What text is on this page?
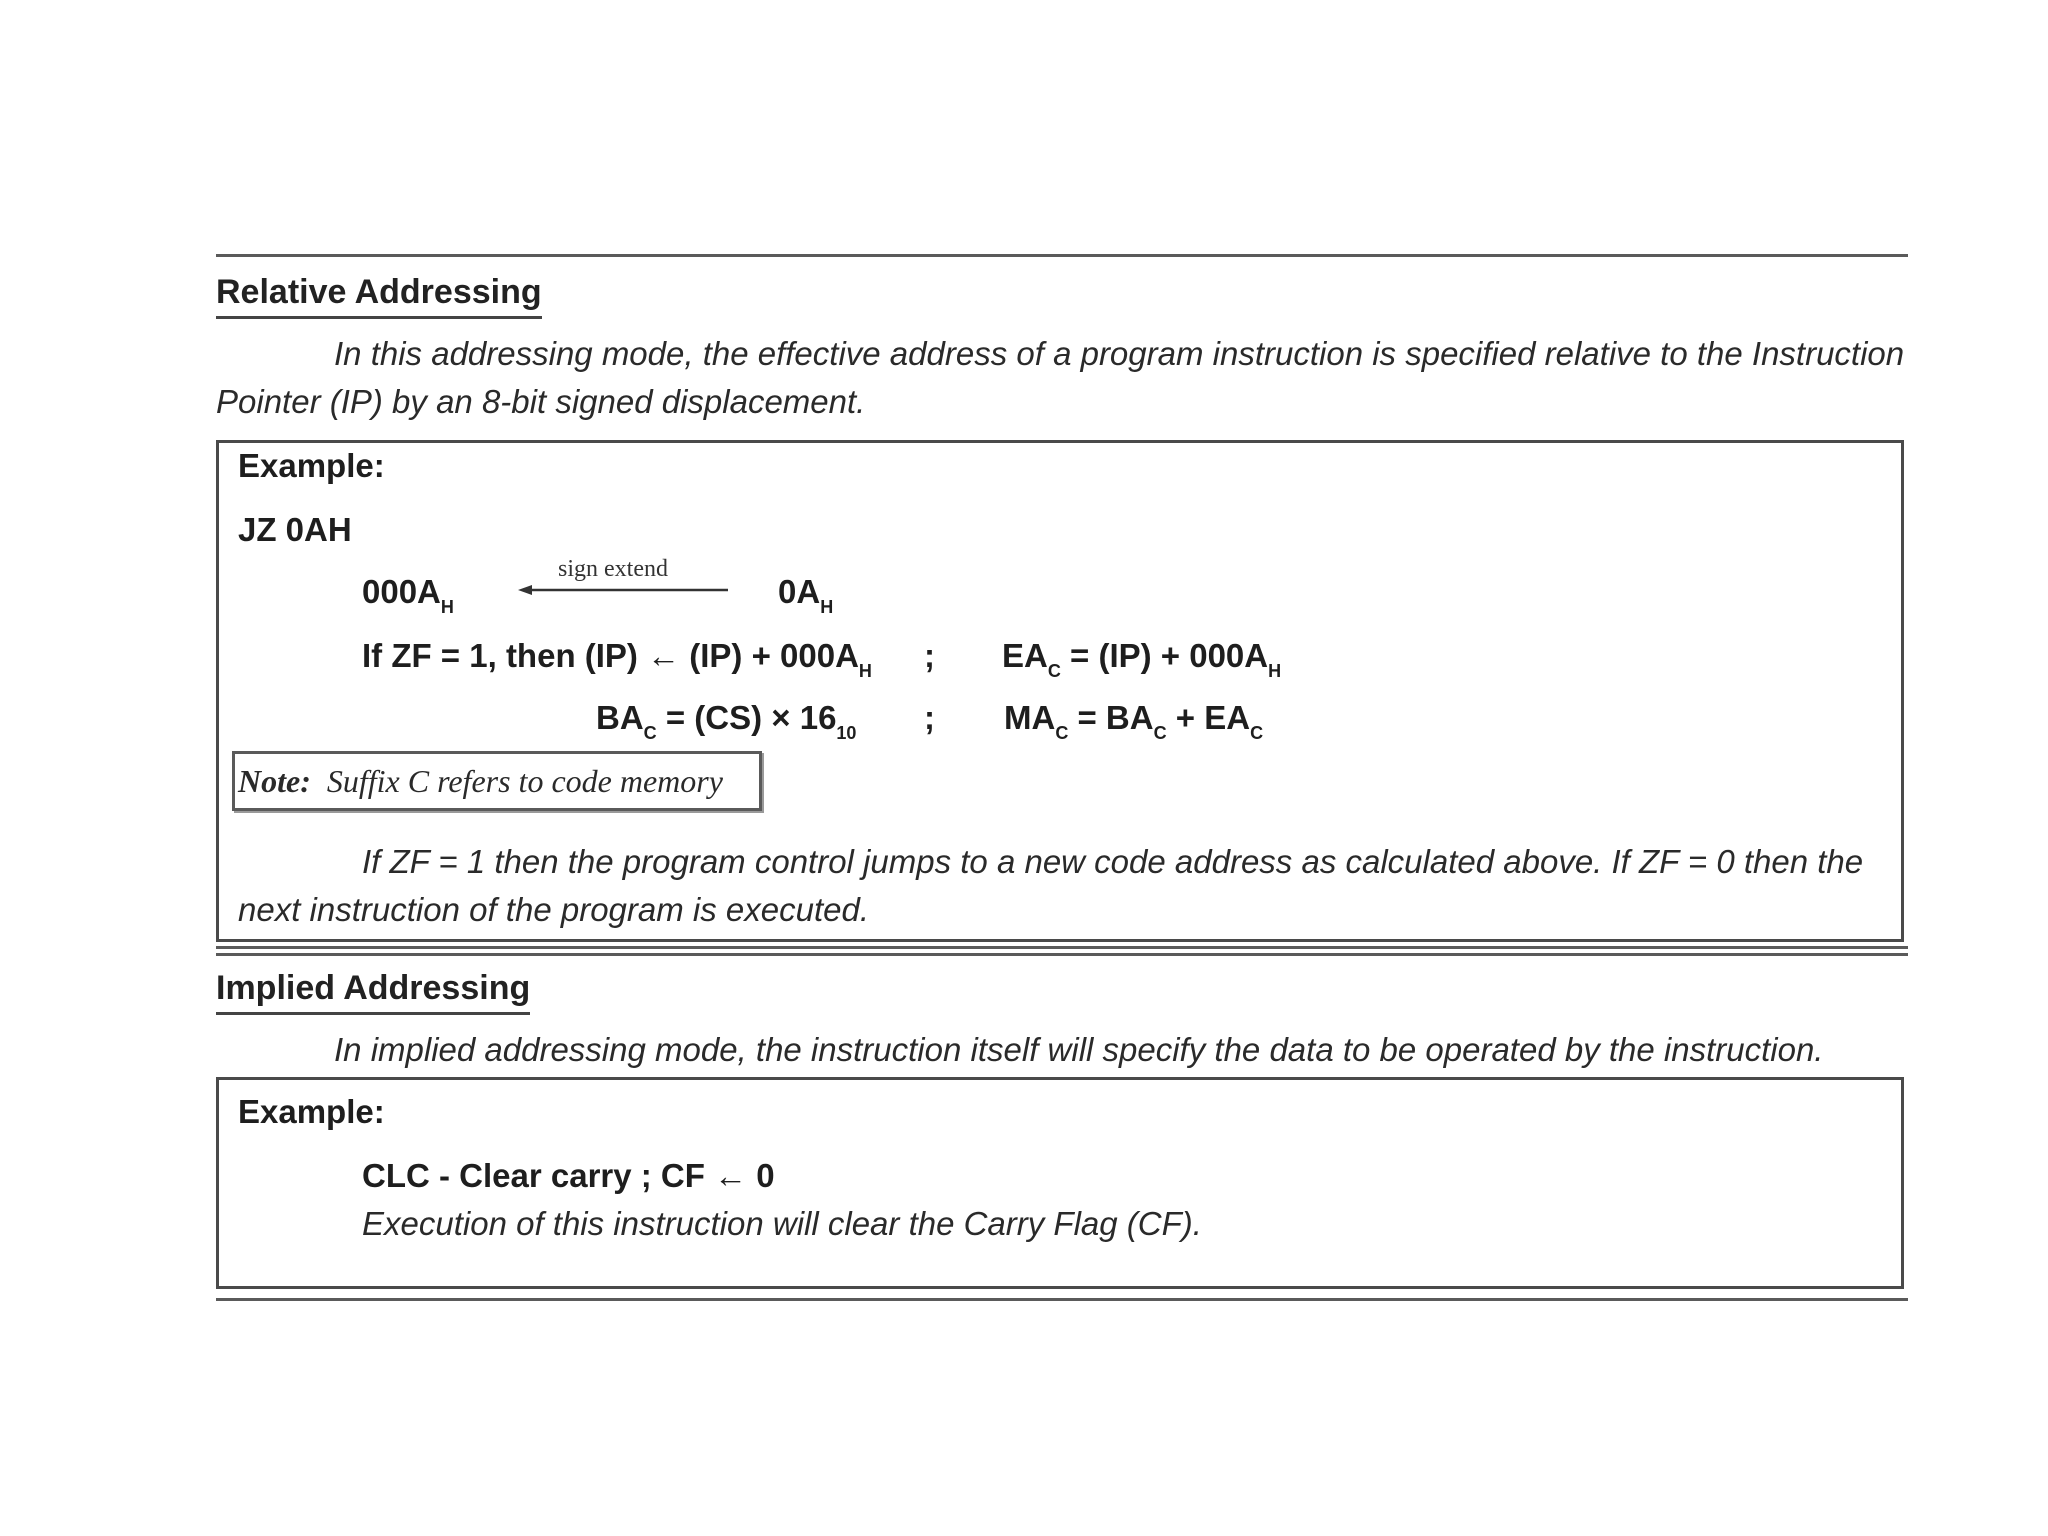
Relative Addressing
In this addressing mode, the effective address of a program instruction is specified relative to the Instruction
Pointer (IP) by an 8-bit signed displacement.
Example:
JZ 0AH
$000A_H$
sign extend
$0A_H$
If ZF = 1, then (IP) ← $(IP) + 000A_H$ ; $EA_C = (IP) + 000A_H$
$BA_C = (CS) \times 16_{10}$ ; $MA_C = BA_C + EA_C$
Note: Suffix C refers to code memory
If ZF = 1 then the program control jumps to a new code address as calculated above. If ZF = 0 then the
next instruction of the program is executed.
Implied Addressing
In implied addressing mode, the instruction itself will specify the data to be operated by the instruction.
Example:
CLC - Clear carry ; CF ← 0
Execution of this instruction will clear the Carry Flag (CF).
